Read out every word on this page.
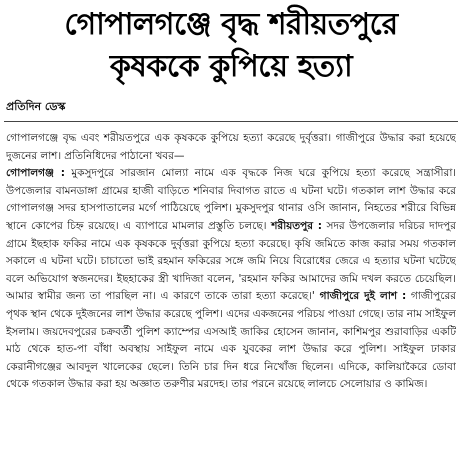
গোপালগঞ্জে বৃদ্ধ শরীয়তপুরে
কৃষককে কুপিয়ে হত্যা
প্রতিদিন ডেস্ক

গোপালগঞ্জে বৃদ্ধ এবং শরীয়তপুরে এক কৃষককে কুপিয়ে হত্যা করেছে দুর্বৃত্তরা। গাজীপুরে উদ্ধার করা হয়েছে দুজনের লাশ। প্রতিনিধিদের পাঠানো খবর—

গোপালগঞ্জ : মুকসুদপুরে সারজান মোল্যা নামে এক বৃদ্ধকে নিজ ঘরে কুপিয়ে হত্যা করেছে সন্ত্রাসীরা। উপজেলার বামনডাঙ্গা গ্রামের হাজী বাড়িতে শনিবার দিবাগত রাতে এ ঘটনা ঘটে। গতকাল লাশ উদ্ধার করে গোপালগঞ্জ সদর হাসপাতালের মর্গে পাঠিয়েছে পুলিশ। মুকসুদপুর থানার ওসি জানান, নিহতের শরীরে বিভিন্ন স্থানে কোপের চিহ্ন রয়েছে। এ ব্যাপারে মামলার প্রস্তুতি চলছে। শরীয়তপুর : সদর উপজেলার দরিচর দাদপুর গ্রামে ইছহাক ফকির নামে এক কৃষককে দুর্বৃত্তরা কুপিয়ে হত্যা করেছে। কৃষি জমিতে কাজ করার সময় গতকাল সকালে এ ঘটনা ঘটে। চাচাতো ভাই রহমান ফকিরের সঙ্গে জমি নিয়ে বিরোধের জেরে এ হত্যার ঘটনা ঘটেছে বলে অভিযোগ স্বজনদের। ইছহাকের স্ত্রী খাদিজা বলেন, 'রহমান ফকির আমাদের জমি দখল করতে চেয়েছিল। আমার স্বামীর জন্য তা পারছিল না। এ কারণে তাকে তারা হত্যা করেছে।' গাজীপুরে দুই লাশ : গাজীপুরের পৃথক স্থান থেকে দুইজনের লাশ উদ্ধার করেছে পুলিশ। এদের একজনের পরিচয় পাওয়া গেছে। তার নাম সাইফুল ইসলাম। জয়দেবপুরের চক্রবর্তী পুলিশ ক্যাম্পের এসআই জাকির হোসেন জানান, কাশিমপুর শুরাবাড়ির একটি মাঠ থেকে হাত-পা বাঁধা অবস্থায় সাইফুল নামে এক যুবকের লাশ উদ্ধার করে পুলিশ। সাইফুল ঢাকার কেরানীগঞ্জের আবদুল খালেকের ছেলে। তিনি চার দিন ধরে নিখোঁজ ছিলেন। এদিকে, কালিয়াকৈরে ডোবা থেকে গতকাল উদ্ধার করা হয় অজ্ঞাত তরুণীর মরদেহ। তার পরনে রয়েছে লালচে সেলোয়ার ও কামিজ।
